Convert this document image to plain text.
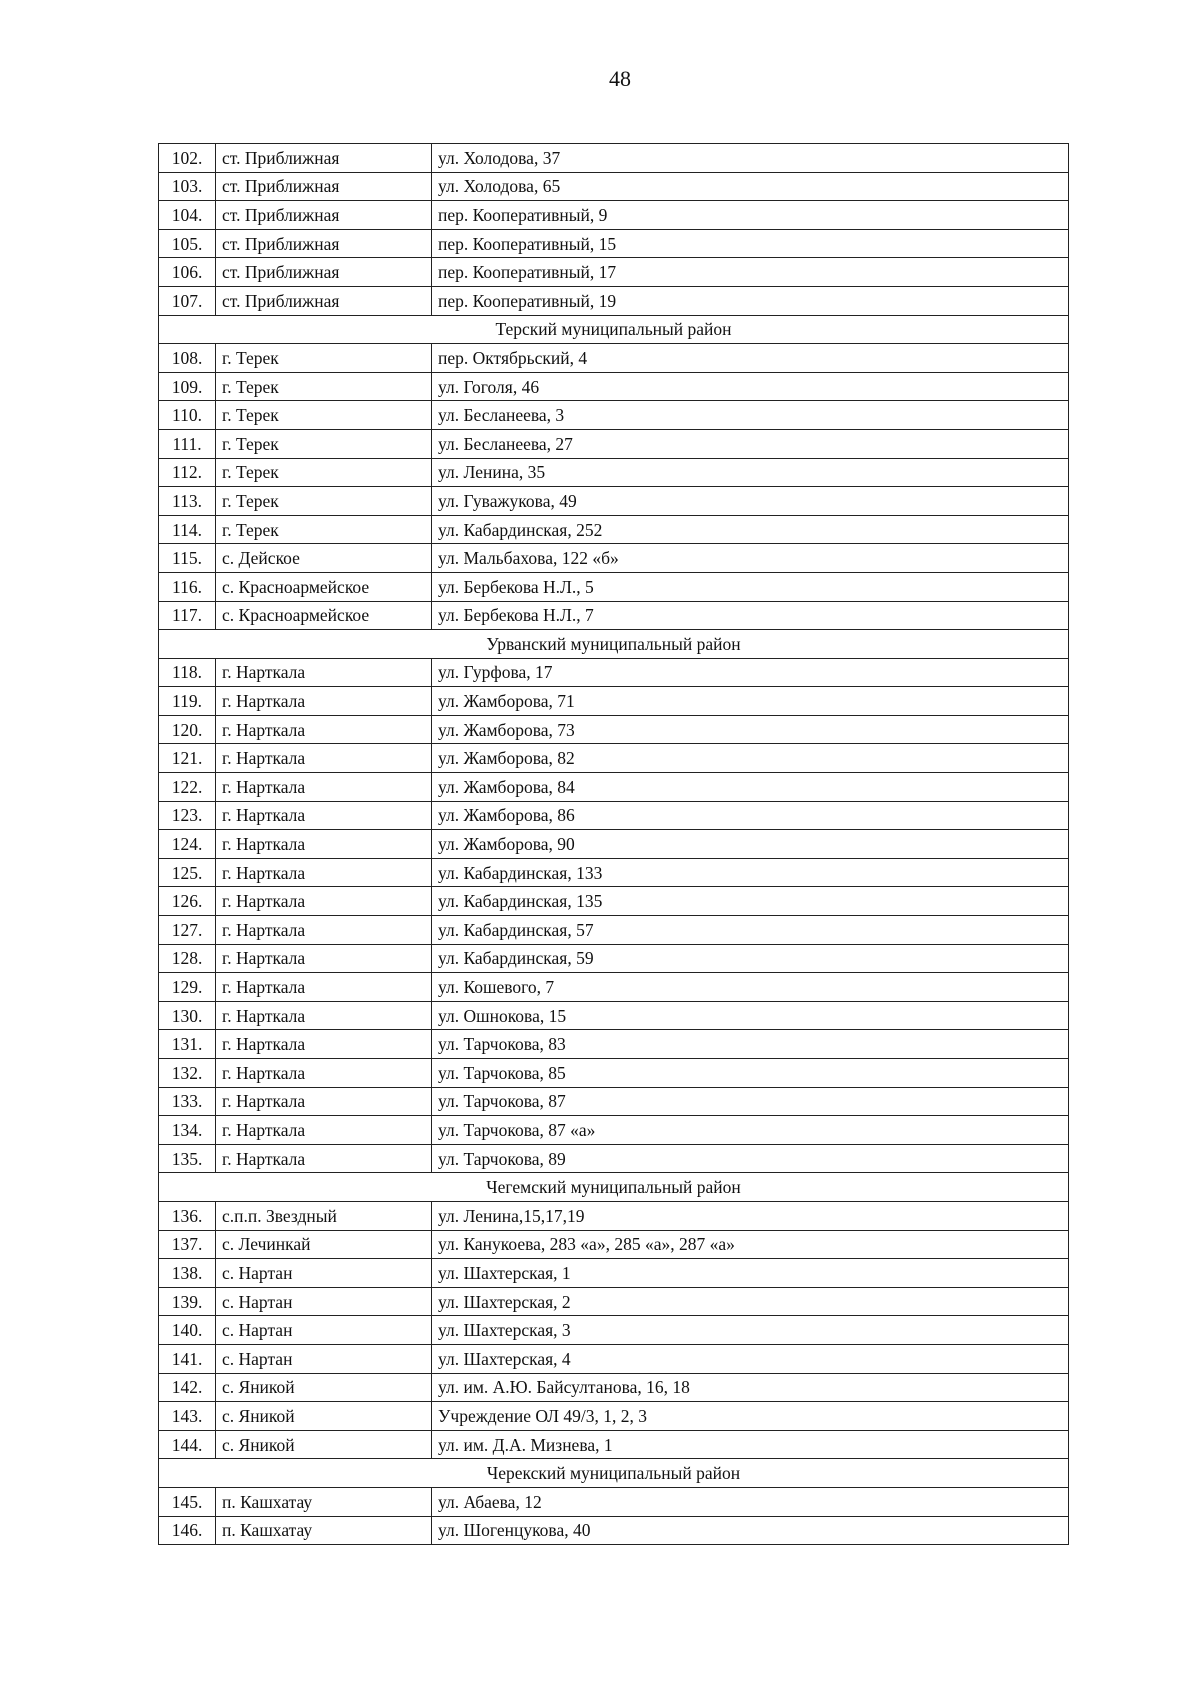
48
102.	ст. Приближная	ул. Холодова, 37
103.	ст. Приближная	ул. Холодова, 65
104.	ст. Приближная	пер. Кооперативный, 9
105.	ст. Приближная	пер. Кооперативный, 15
106.	ст. Приближная	пер. Кооперативный, 17
107.	ст. Приближная	пер. Кооперативный, 19
Терский муниципальный район		
108.	г. Терек	пер. Октябрьский, 4
109.	г. Терек	ул. Гоголя, 46
110.	г. Терек	ул. Бесланеева, 3
111.	г. Терек	ул. Бесланеева, 27
112.	г. Терек	ул. Ленина, 35
113.	г. Терек	ул. Гуважукова, 49
114.	г. Терек	ул. Кабардинская, 252
115.	с. Дейское	ул. Мальбахова, 122 «б»
116.	с. Красноармейское	ул. Бербекова Н.Л., 5
117.	с. Красноармейское	ул. Бербекова Н.Л., 7
Урванский муниципальный район		
118.	г. Нарткала	ул. Гурфова, 17
119.	г. Нарткала	ул. Жамборова, 71
120.	г. Нарткала	ул. Жамборова, 73
121.	г. Нарткала	ул. Жамборова, 82
122.	г. Нарткала	ул. Жамборова, 84
123.	г. Нарткала	ул. Жамборова, 86
124.	г. Нарткала	ул. Жамборова, 90
125.	г. Нарткала	ул. Кабардинская, 133
126.	г. Нарткала	ул. Кабардинская, 135
127.	г. Нарткала	ул. Кабардинская, 57
128.	г. Нарткала	ул. Кабардинская, 59
129.	г. Нарткала	ул. Кошевого, 7
130.	г. Нарткала	ул. Ошнокова, 15
131.	г. Нарткала	ул. Тарчокова, 83
132.	г. Нарткала	ул. Тарчокова, 85
133.	г. Нарткала	ул. Тарчокова, 87
134.	г. Нарткала	ул. Тарчокова, 87 «а»
135.	г. Нарткала	ул. Тарчокова, 89
Чегемский муниципальный район		
136.	с.п.п. Звездный	ул. Ленина,15,17,19
137.	с. Лечинкай	ул. Канукоева, 283 «а», 285 «а», 287 «а»
138.	с. Нартан	ул. Шахтерская, 1
139.	с. Нартан	ул. Шахтерская, 2
140.	с. Нартан	ул. Шахтерская, 3
141.	с. Нартан	ул. Шахтерская, 4
142.	с. Яникой	ул. им. А.Ю. Байсултанова, 16, 18
143.	с. Яникой	Учреждение ОЛ 49/3, 1, 2, 3
144.	с. Яникой	ул. им. Д.А. Мизнева, 1
Черекский муниципальный район		
145.	п. Кашхатау	ул. Абаева, 12
146.	п. Кашхатау	ул. Шогенцукова, 40
